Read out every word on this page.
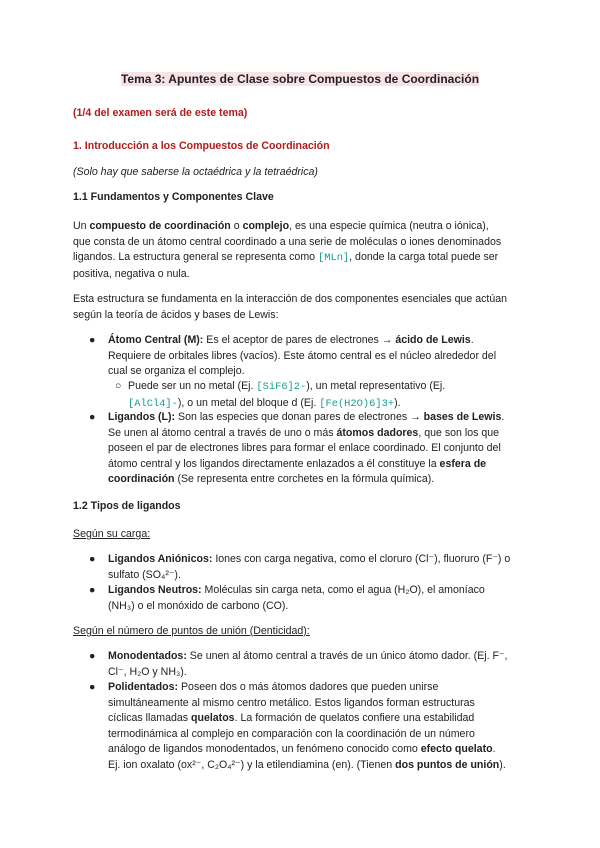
Tema 3: Apuntes de Clase sobre Compuestos de Coordinación
(1/4 del examen será de este tema)
1. Introducción a los Compuestos de Coordinación
(Solo hay que saberse la octaédrica y la tetraédrica)
1.1 Fundamentos y Componentes Clave
Un compuesto de coordinación o complejo, es una especie química (neutra o iónica),
que consta de un átomo central coordinado a una serie de moléculas o iones denominados
ligandos. La estructura general se representa como [MLn], donde la carga total puede ser
positiva, negativa o nula.
Esta estructura se fundamenta en la interacción de dos componentes esenciales que actúan
según la teoría de ácidos y bases de Lewis:
●	Átomo Central (M): Es el aceptor de pares de electrones → ácido de Lewis.
Requiere de orbitales libres (vacíos). Este átomo central es el núcleo alrededor del
cual se organiza el complejo.
○ Puede ser un no metal (Ej. [SiF6]2-), un metal representativo (Ej.
[AlCl4]-), o un metal del bloque d (Ej. [Fe(H2O)6]3+).
●	Ligandos (L): Son las especies que donan pares de electrones → bases de Lewis.
Se unen al átomo central a través de uno o más átomos dadores, que son los que
poseen el par de electrones libres para formar el enlace coordinado. El conjunto del
átomo central y los ligandos directamente enlazados a él constituye la esfera de
coordinación (Se representa entre corchetes en la fórmula química).
1.2 Tipos de ligandos
Según su carga:
●	Ligandos Aniónicos: Iones con carga negativa, como el cloruro (Cl⁻), fluoruro (F⁻) o
sulfato (SO₄²⁻).
●	Ligandos Neutros: Moléculas sin carga neta, como el agua (H₂O), el amoníaco
(NH₃) o el monóxido de carbono (CO).
Según el número de puntos de unión (Denticidad):
●	Monodentados: Se unen al átomo central a través de un único átomo dador. (Ej. F⁻,
Cl⁻, H₂O y NH₃).
●	Polidentados: Poseen dos o más átomos dadores que pueden unirse
simultáneamente al mismo centro metálico. Estos ligandos forman estructuras
cíclicas llamadas quelatos. La formación de quelatos confiere una estabilidad
termodinámica al complejo en comparación con la coordinación de un número
análogo de ligandos monodentados, un fenómeno conocido como efecto quelato.
Ej. ion oxalato (ox²⁻, C₂O₄²⁻) y la etilendiamina (en). (Tienen dos puntos de unión).
